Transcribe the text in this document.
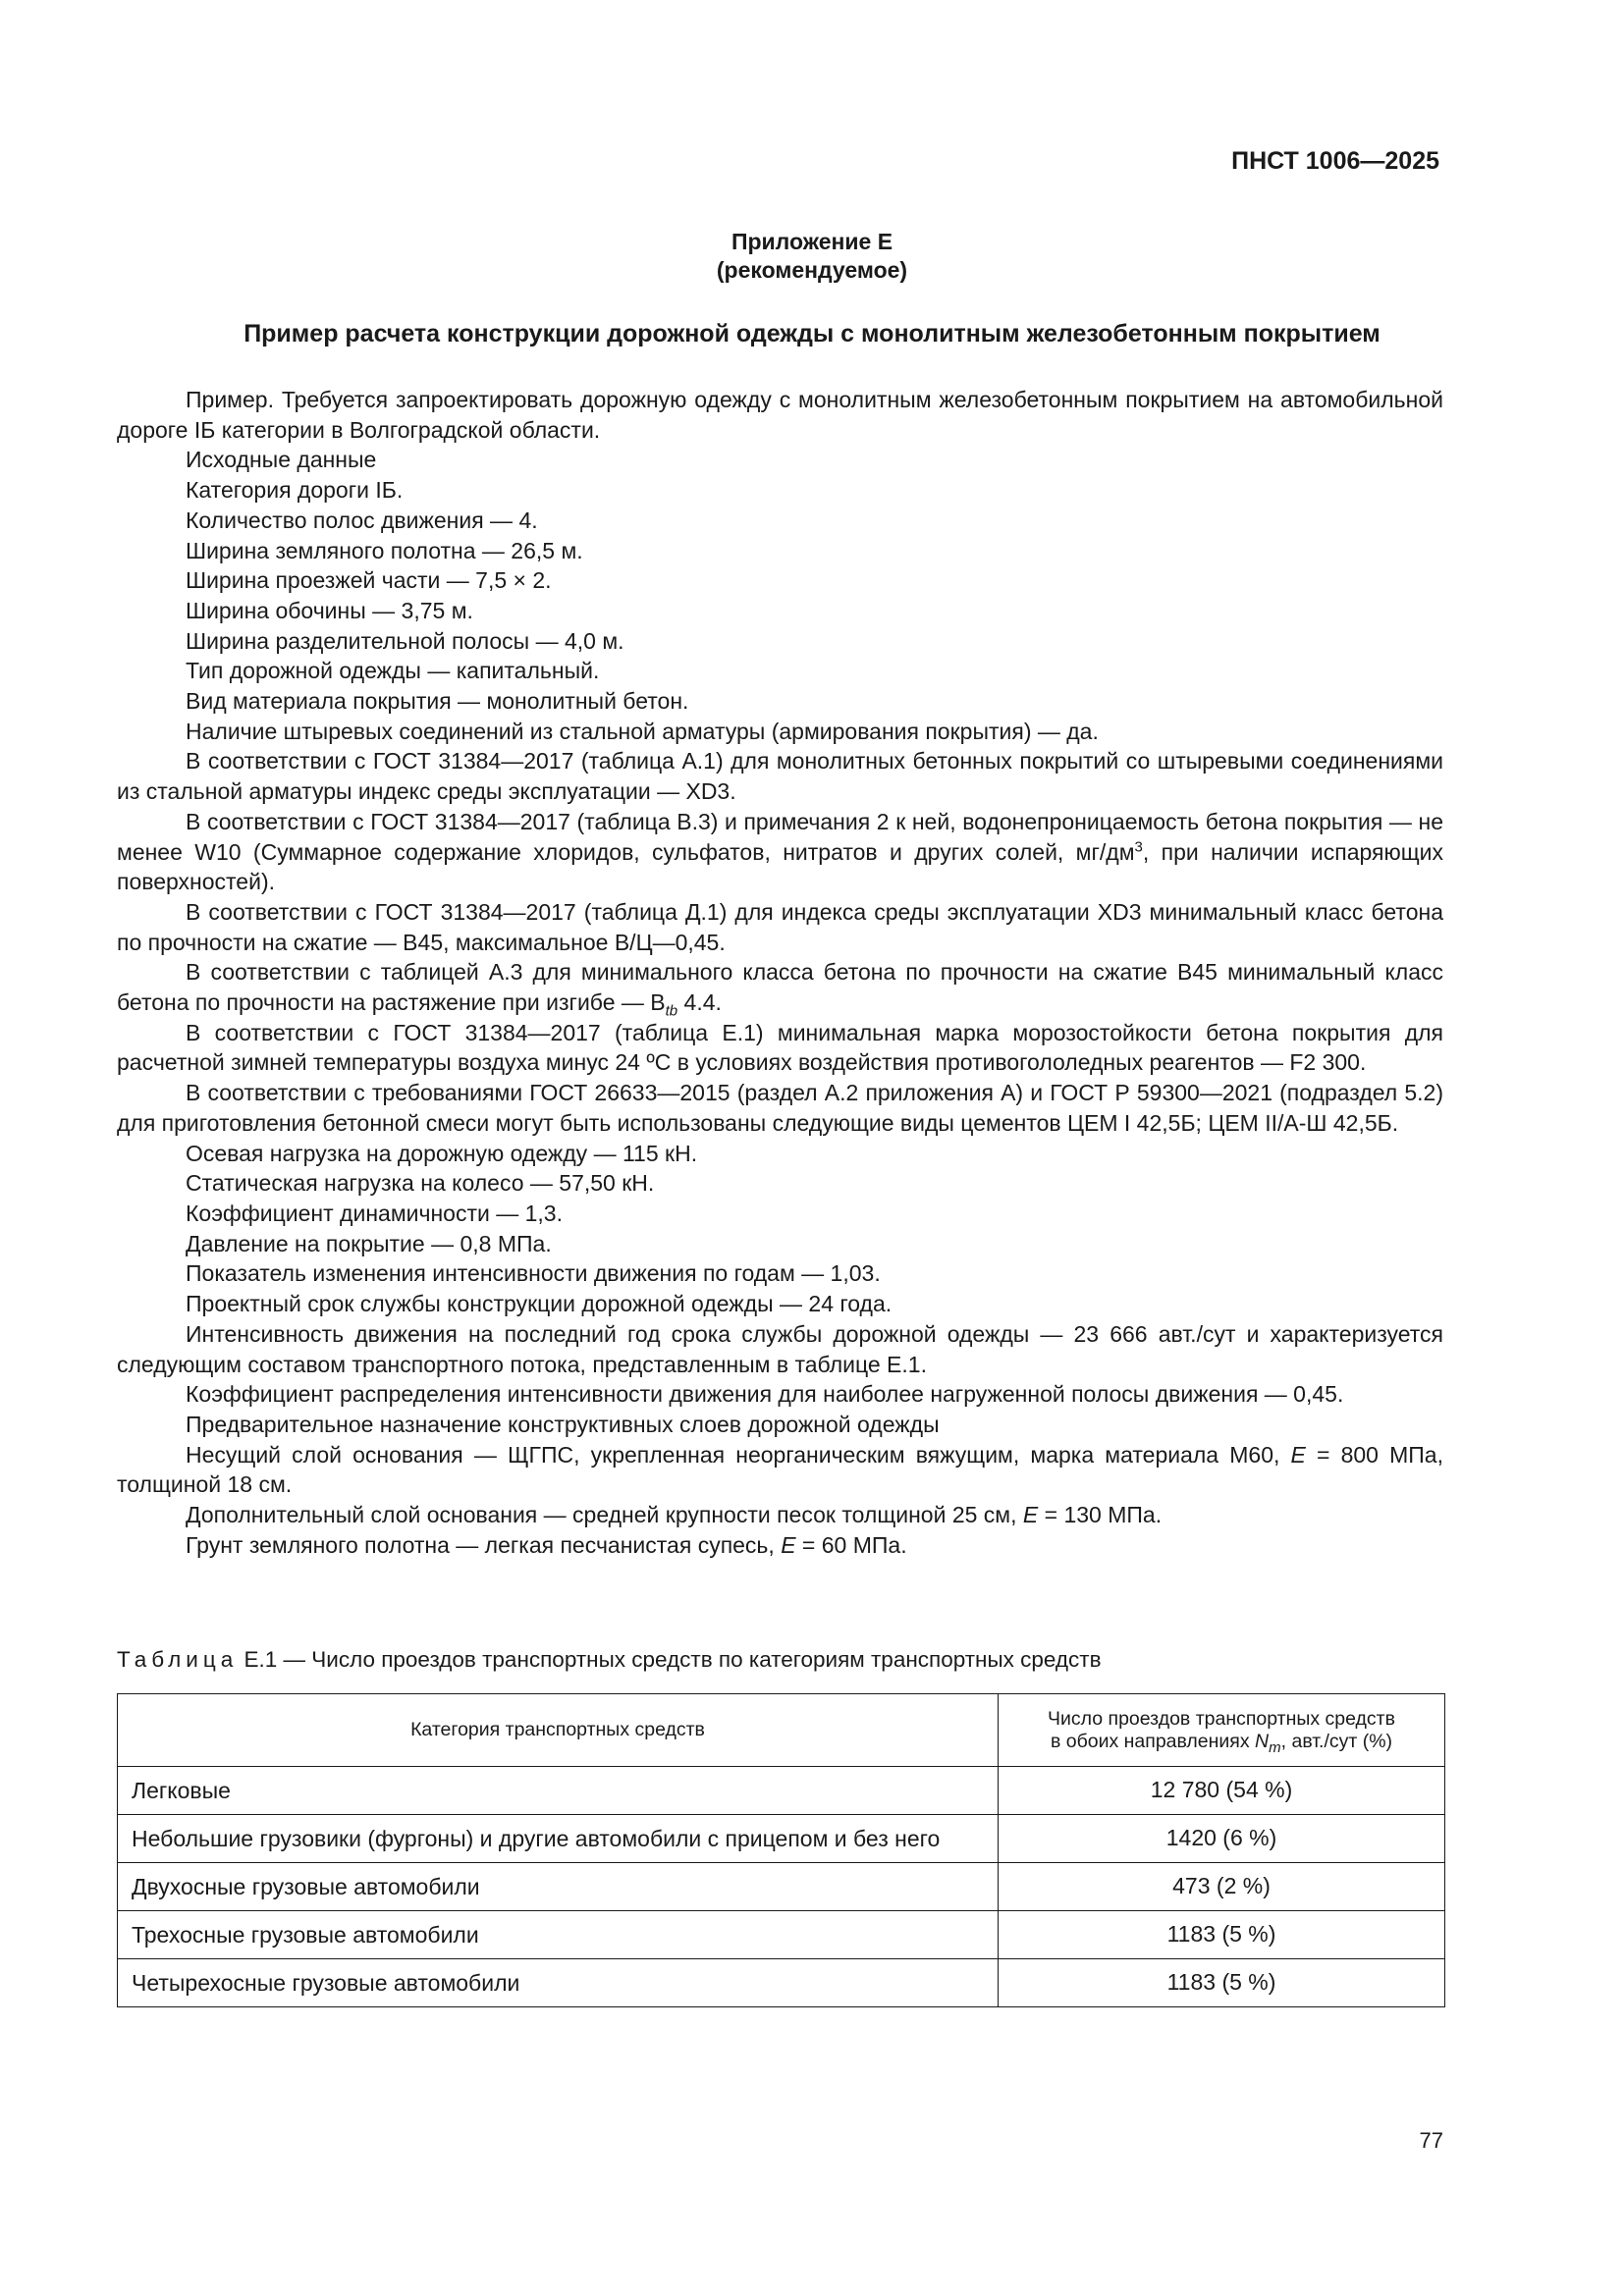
ПНСТ 1006—2025
Приложение Е
(рекомендуемое)
Пример расчета конструкции дорожной одежды с монолитным железобетонным покрытием

Пример. Требуется запроектировать дорожную одежду с монолитным железобетонным покрытием на автомобильной дороге IБ категории в Волгоградской области.

Исходные данные

Категория дороги IБ.

Количество полос движения — 4.

Ширина земляного полотна — 26,5 м.

Ширина проезжей части — 7,5 × 2.

Ширина обочины — 3,75 м.

Ширина разделительной полосы — 4,0 м.

Тип дорожной одежды — капитальный.

Вид материала покрытия — монолитный бетон.

Наличие штыревых соединений из стальной арматуры (армирования покрытия) — да.

В соответствии с ГОСТ 31384—2017 (таблица А.1) для монолитных бетонных покрытий со штыревыми соединениями из стальной арматуры индекс среды эксплуатации — XD3.

В соответствии с ГОСТ 31384—2017 (таблица В.3) и примечания 2 к ней, водонепроницаемость бетона покрытия — не менее W10 (Суммарное содержание хлоридов, сульфатов, нитратов и других солей, $мг/дм^3$, при наличии испаряющих поверхностей).

В соответствии с ГОСТ 31384—2017 (таблица Д.1) для индекса среды эксплуатации XD3 минимальный класс бетона по прочности на сжатие — В45, максимальное В/Ц—0,45.

В соответствии с таблицей А.3 для минимального класса бетона по прочности на сжатие В45 минимальный класс бетона по прочности на растяжение при изгибе — $В_{tb}$ 4.4.

В соответствии с ГОСТ 31384—2017 (таблица Е.1) минимальная марка морозостойкости бетона покрытия для расчетной зимней температуры воздуха минус 24 ºС в условиях воздействия противогололедных реагентов — F2 300.

В соответствии с требованиями ГОСТ 26633—2015 (раздел А.2 приложения А) и ГОСТ Р 59300—2021 (подраздел 5.2) для приготовления бетонной смеси могут быть использованы следующие виды цементов ЦЕМ I 42,5Б; ЦЕМ II/А-Ш 42,5Б.

Осевая нагрузка на дорожную одежду — 115 кН.

Статическая нагрузка на колесо — 57,50 кН.

Коэффициент динамичности — 1,3.

Давление на покрытие — 0,8 МПа.

Показатель изменения интенсивности движения по годам — 1,03.

Проектный срок службы конструкции дорожной одежды — 24 года.

Интенсивность движения на последний год срока службы дорожной одежды — 23 666 авт./сут и характеризуется следующим составом транспортного потока, представленным в таблице Е.1.

Коэффициент распределения интенсивности движения для наиболее нагруженной полосы движения — 0,45.

Предварительное назначение конструктивных слоев дорожной одежды

Несущий слой основания — ЩГПС, укрепленная неорганическим вяжущим, марка материала М60, E = 800 МПа, толщиной 18 см.

Дополнительный слой основания — средней крупности песок толщиной 25 см, E = 130 МПа.

Грунт земляного полотна — легкая песчанистая супесь, E = 60 МПа.

Таблица Е.1 — Число проездов транспортных средств по категориям транспортных средств
Категория транспортных средств	Число проездов транспортных средств
в обоих направлениях $N_m$, авт./сут (%)
Легковые	12 780 (54 %)
Небольшие грузовики (фургоны) и другие автомобили с прицепом и без него	1420 (6 %)
Двухосные грузовые автомобили	473 (2 %)
Трехосные грузовые автомобили	1183 (5 %)
Четырехосные грузовые автомобили	1183 (5 %)
77
